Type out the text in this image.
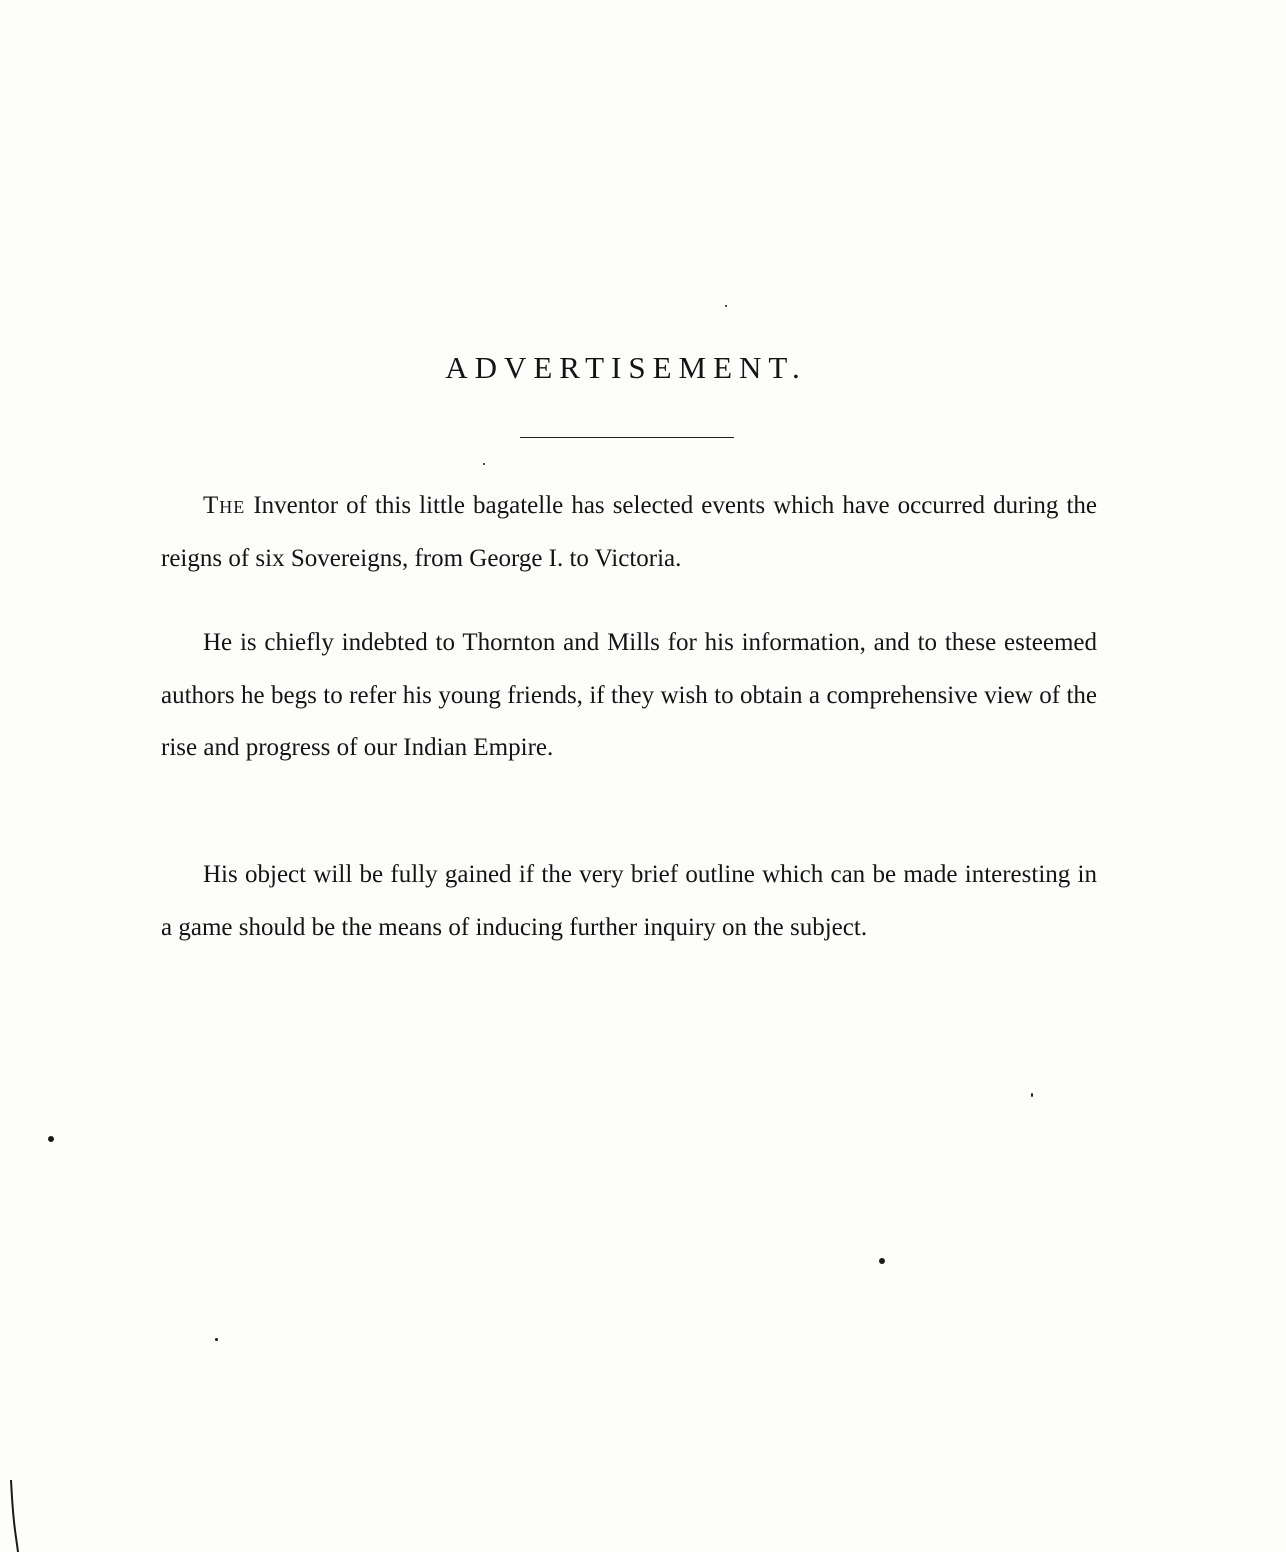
ADVERTISEMENT.

The Inventor of this little bagatelle has selected events which have occurred during the reigns of six Sovereigns, from George I. to Victoria.

He is chiefly indebted to Thornton and Mills for his information, and to these esteemed authors he begs to refer his young friends, if they wish to obtain a comprehensive view of the rise and progress of our Indian Empire.

His object will be fully gained if the very brief outline which can be made interesting in a game should be the means of inducing further inquiry on the subject.
